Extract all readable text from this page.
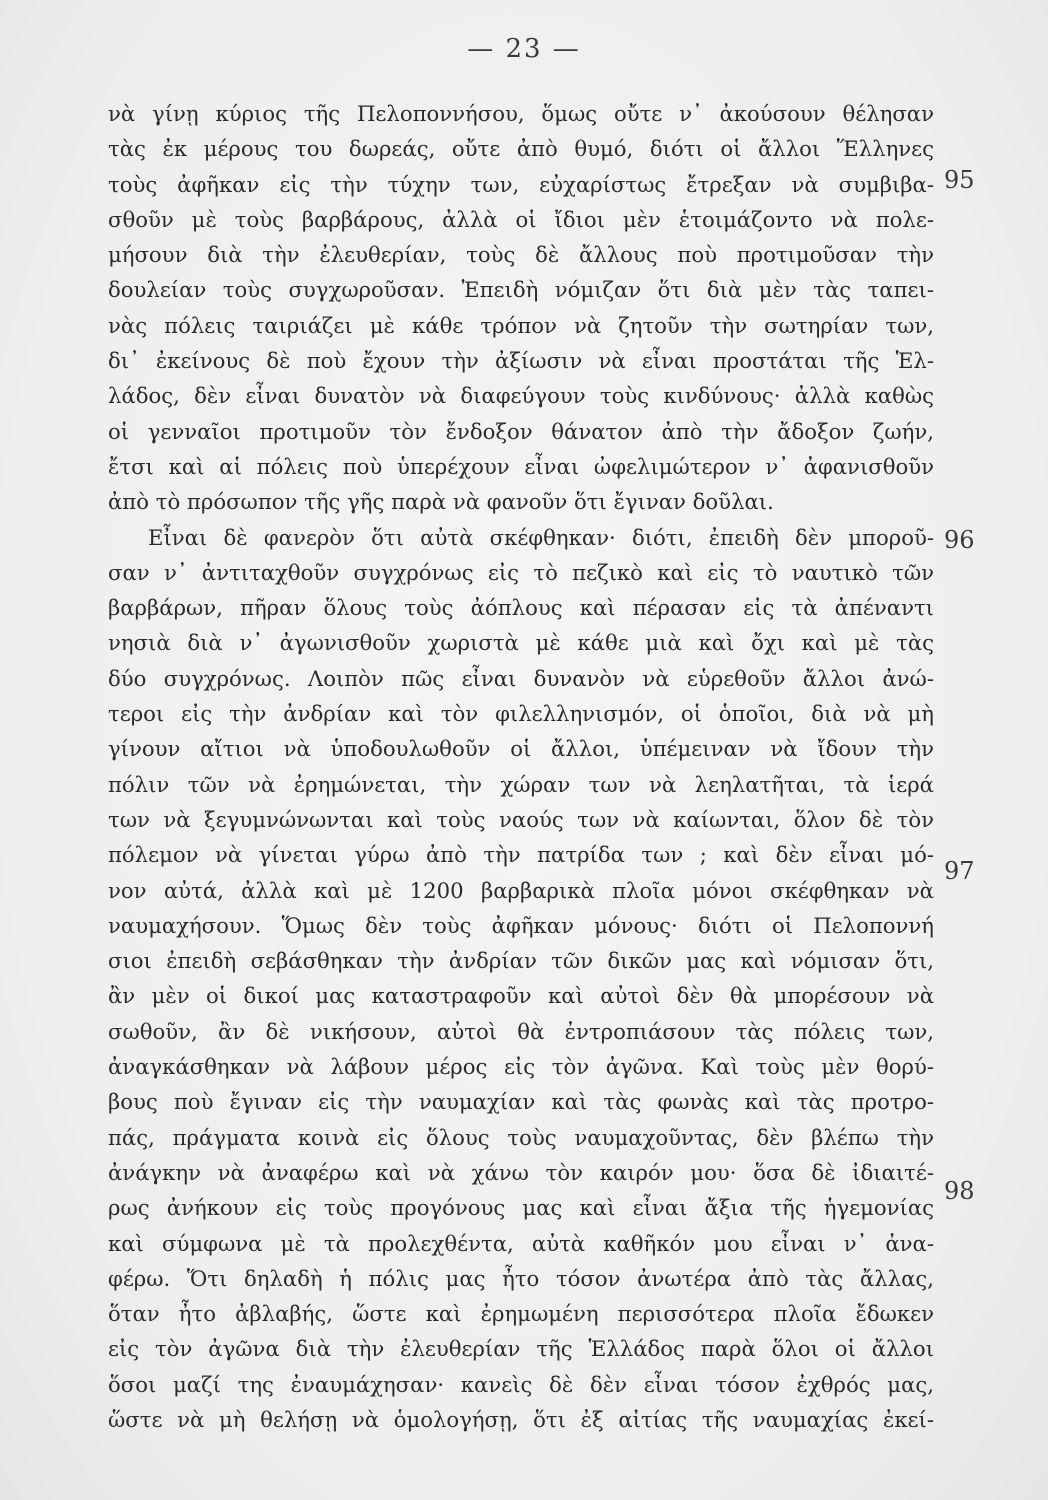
— 23 —
νὰ γίνῃ κύριος τῆς Πελοποννήσου, ὅμως οὔτε ν᾽ ἀκούσουν θέλησαν
τὰς ἐκ μέρους του δωρεάς, οὔτε ἀπὸ θυμό, διότι οἱ ἄλλοι Ἕλληνες
τοὺς ἀφῆκαν εἰς τὴν τύχην των, εὐχαρίστως ἔτρεξαν νὰ συμβιβα-
σθοῦν μὲ τοὺς βαρβάρους, ἀλλὰ οἱ ἴδιοι μὲν ἑτοιμάζοντο νὰ πολε-
μήσουν διὰ τὴν ἐλευθερίαν, τοὺς δὲ ἄλλους ποὺ προτιμοῦσαν τὴν
δουλείαν τοὺς συγχωροῦσαν. Ἐπειδὴ νόμιζαν ὅτι διὰ μὲν τὰς ταπει-
νὰς πόλεις ταιριάζει μὲ κάθε τρόπον νὰ ζητοῦν τὴν σωτηρίαν των,
δι᾽ ἐκείνους δὲ ποὺ ἔχουν τὴν ἀξίωσιν νὰ εἶναι προστάται τῆς Ἑλ-
λάδος, δὲν εἶναι δυνατὸν νὰ διαφεύγουν τοὺς κινδύνους· ἀλλὰ καθὼς
οἱ γενναῖοι προτιμοῦν τὸν ἔνδοξον θάνατον ἀπὸ τὴν ἄδοξον ζωήν,
ἔτσι καὶ αἱ πόλεις ποὺ ὑπερέχουν εἶναι ὠφελιμώτερον ν᾽ ἀφανισθοῦν
ἀπὸ τὸ πρόσωπον τῆς γῆς παρὰ νὰ φανοῦν ὅτι ἔγιναν δοῦλαι.
Εἶναι δὲ φανερὸν ὅτι αὐτὰ σκέφθηκαν· διότι, ἐπειδὴ δὲν μποροῦ-
σαν ν᾽ ἀντιταχθοῦν συγχρόνως εἰς τὸ πεζικὸ καὶ εἰς τὸ ναυτικὸ τῶν
βαρβάρων, πῆραν ὅλους τοὺς ἀόπλους καὶ πέρασαν εἰς τὰ ἀπέναντι
νησιὰ διὰ ν᾽ ἀγωνισθοῦν χωριστὰ μὲ κάθε μιὰ καὶ ὄχι καὶ μὲ τὰς
δύο συγχρόνως. Λοιπὸν πῶς εἶναι δυνανὸν νὰ εὑρεθοῦν ἄλλοι ἀνώ-
τεροι εἰς τὴν ἀνδρίαν καὶ τὸν φιλελληνισμόν, οἱ ὁποῖοι, διὰ νὰ μὴ
γίνουν αἴτιοι νὰ ὑποδουλωθοῦν οἱ ἄλλοι, ὑπέμειναν νὰ ἴδουν τὴν
πόλιν τῶν νὰ ἐρημώνεται, τὴν χώραν των νὰ λεηλατῆται, τὰ ἱερά
των νὰ ξεγυμνώνωνται καὶ τοὺς ναούς των νὰ καίωνται, ὅλον δὲ τὸν
πόλεμον νὰ γίνεται γύρω ἀπὸ τὴν πατρίδα των ; καὶ δὲν εἶναι μό-
νον αὐτά, ἀλλὰ καὶ μὲ 1200 βαρβαρικὰ πλοῖα μόνοι σκέφθηκαν νὰ
ναυμαχήσουν. Ὅμως δὲν τοὺς ἀφῆκαν μόνους· διότι οἱ Πελοποννή
σιοι ἐπειδὴ σεβάσθηκαν τὴν ἀνδρίαν τῶν δικῶν μας καὶ νόμισαν ὅτι,
ἂν μὲν οἱ δικοί μας καταστραφοῦν καὶ αὐτοὶ δὲν θὰ μπορέσουν νὰ
σωθοῦν, ἂν δὲ νικήσουν, αὐτοὶ θὰ ἐντροπιάσουν τὰς πόλεις των,
ἀναγκάσθηκαν νὰ λάβουν μέρος εἰς τὸν ἀγῶνα. Καὶ τοὺς μὲν θορύ-
βους ποὺ ἔγιναν εἰς τὴν ναυμαχίαν καὶ τὰς φωνὰς καὶ τὰς προτρο-
πάς, πράγματα κοινὰ εἰς ὅλους τοὺς ναυμαχοῦντας, δὲν βλέπω τὴν
ἀνάγκην νὰ ἀναφέρω καὶ νὰ χάνω τὸν καιρόν μου· ὅσα δὲ ἰδιαιτέ-
ρως ἀνήκουν εἰς τοὺς προγόνους μας καὶ εἶναι ἄξια τῆς ἡγεμονίας
καὶ σύμφωνα μὲ τὰ προλεχθέντα, αὐτὰ καθῆκόν μου εἶναι ν᾽ ἀνα-
φέρω. Ὅτι δηλαδὴ ἡ πόλις μας ἦτο τόσον ἀνωτέρα ἀπὸ τὰς ἄλλας,
ὅταν ἦτο ἀβλαβής, ὥστε καὶ ἐρημωμένη περισσότερα πλοῖα ἔδωκεν
εἰς τὸν ἀγῶνα διὰ τὴν ἐλευθερίαν τῆς Ἑλλάδος παρὰ ὅλοι οἱ ἄλλοι
ὅσοι μαζί της ἐναυμάχησαν· κανεὶς δὲ δὲν εἶναι τόσον ἐχθρός μας,
ὥστε νὰ μὴ θελήσῃ νὰ ὁμολογήσῃ, ὅτι ἐξ αἰτίας τῆς ναυμαχίας ἐκεί-
95
96
97
98
